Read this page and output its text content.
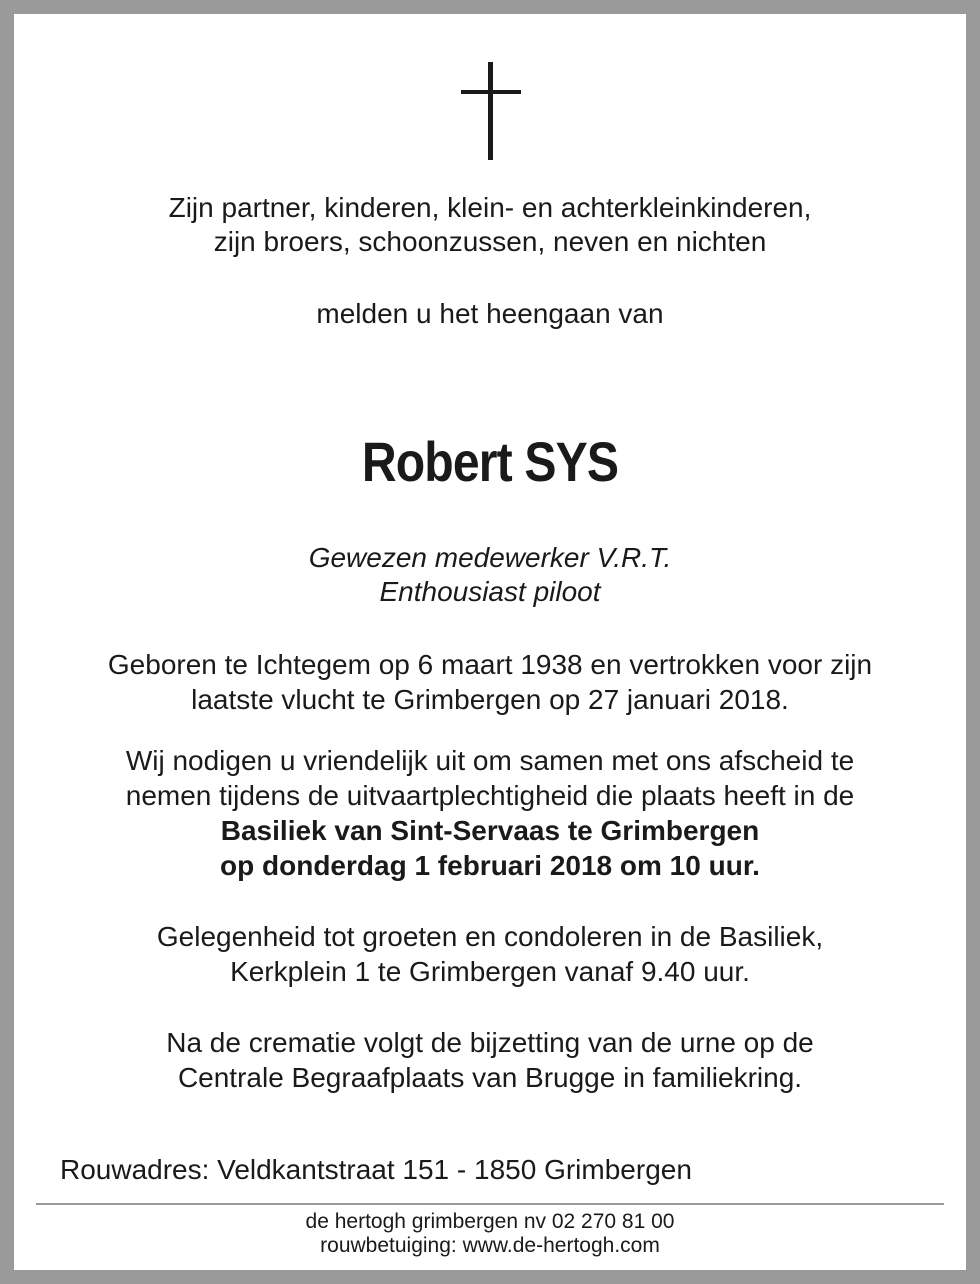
Zijn partner, kinderen, klein- en achterkleinkinderen,
zijn broers, schoonzussen, neven en nichten
melden u het heengaan van
Robert SYS
Gewezen medewerker V.R.T.
Enthousiast piloot
Geboren te Ichtegem op 6 maart 1938 en vertrokken voor zijn
laatste vlucht te Grimbergen op 27 januari 2018.
Wij nodigen u vriendelijk uit om samen met ons afscheid te
nemen tijdens de uitvaartplechtigheid die plaats heeft in de
Basiliek van Sint-Servaas te Grimbergen
op donderdag 1 februari 2018 om 10 uur.
Gelegenheid tot groeten en condoleren in de Basiliek,
Kerkplein 1 te Grimbergen vanaf 9.40 uur.
Na de crematie volgt de bijzetting van de urne op de
Centrale Begraafplaats van Brugge in familiekring.
Rouwadres: Veldkantstraat 151 - 1850 Grimbergen
de hertogh grimbergen nv 02 270 81 00
rouwbetuiging: www.de-hertogh.com
